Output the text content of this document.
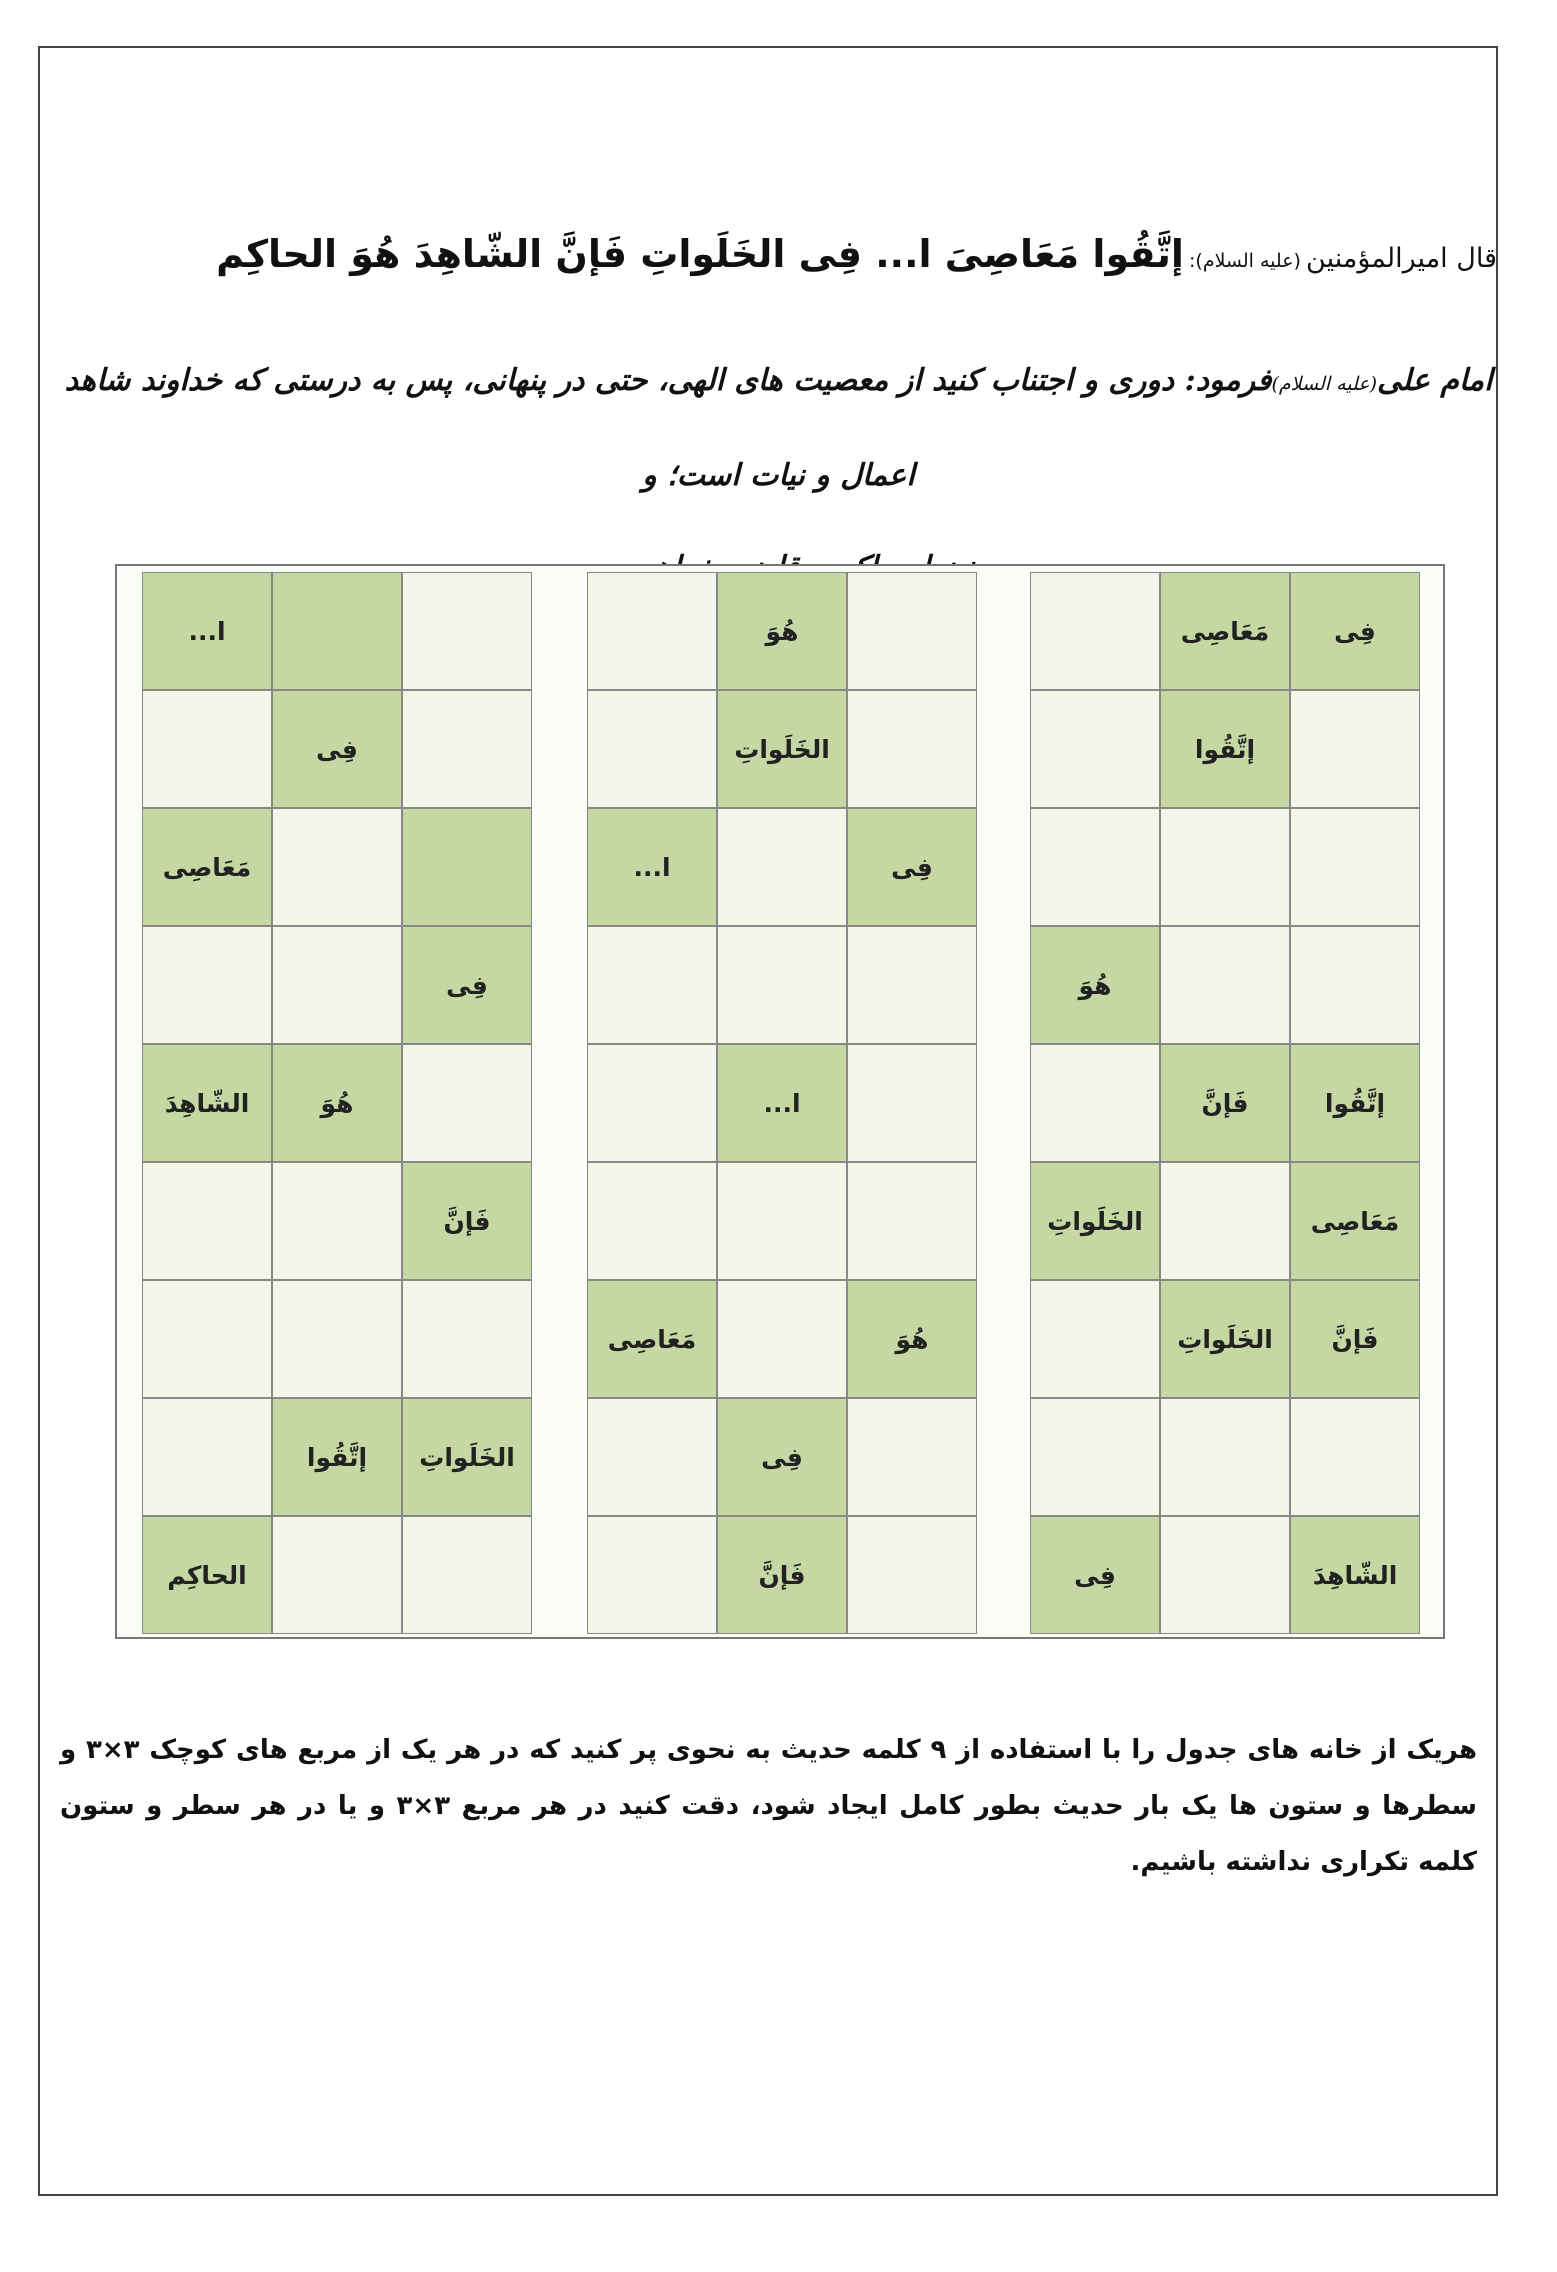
قال امیرالمؤمنین (علیه السلام): إتَّقُوا مَعَاصِیَ ا... فِی الخَلَواتِ فَإنَّ الشّاهِدَ هُوَ الحاکِم
امام علی(علیه السلام)فرمود: دوری و اجتناب کنید از معصیت های الهی، حتی در پنهانی، پس به درستی که خداوند شاهد اعمال و نیات است؛ و

فِی
مَعَاصِی
إتَّقُوا
هُوَ
الخَلَواتِ
فِی
ا...
ا...
فِی
مَعَاصِی
هُوَ
إتَّقُوا
فَإنَّ
مَعَاصِی
الخَلَواتِ
ا...
فِی
هُوَ
الشّاهِدَ
فَإنَّ
فَإنَّ
الخَلَواتِ
الشّاهِدَ
فِی
هُوَ
مَعَاصِی
فِی
فَإنَّ
الخَلَواتِ
إتَّقُوا
الحاکِم
هریک از خانه های جدول را با استفاده از ۹ کلمه حدیث به نحوی پر کنید که در هر یک از مربع های کوچک ۳×۳ و سطرها و ستون ها یک بار حدیث بطور کامل ایجاد شود، دقت کنید در هر مربع ۳×۳ و یا در هر سطر و ستون کلمه تکراری نداشته باشیم.
